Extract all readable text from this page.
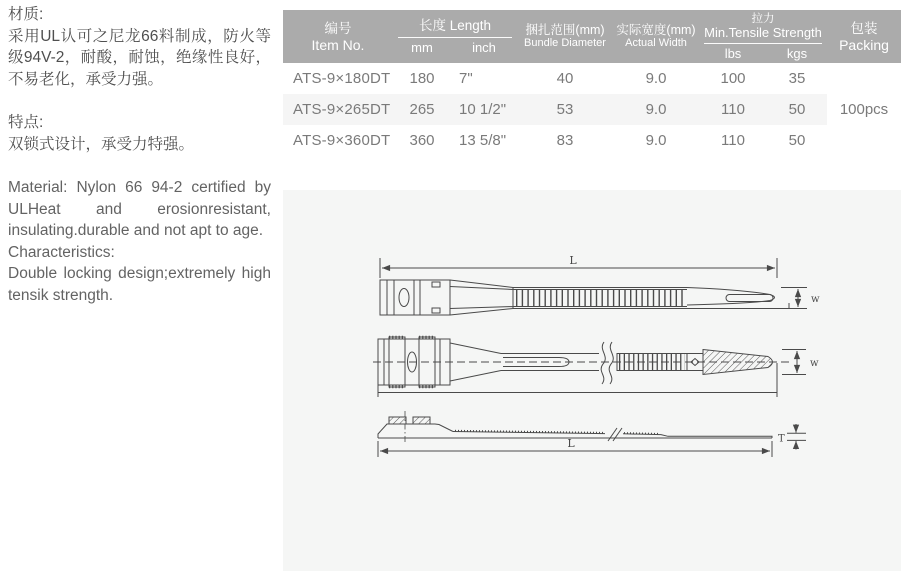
材质:
采用UL认可之尼龙66料制成，防火等级94V-2，耐酸，耐蚀，绝缘性良好，不易老化，承受力强。
特点:
双锁式设计，承受力特强。
Material: Nylon 66 94-2 certified by ULHeat and erosionresistant, insulating.durable and not apt to age.
Characteristics:
Double locking design;extremely high tensik strength.
编号
Item No.
长度 Length
mm	inch
捆扎范围(mm)
Bundle Diameter
实际宽度(mm)
Actual Width
拉力
Min.Tensile Strength
lbs	kgs
包装
Packing
ATS-9×180DT	180	7"	40	9.0	100	35
ATS-9×265DT	265	10 1/2"	53	9.0	110	50	100pcs
ATS-9×360DT	360	13 5/8"	83	9.0	110	50
L
w
w
L	T
